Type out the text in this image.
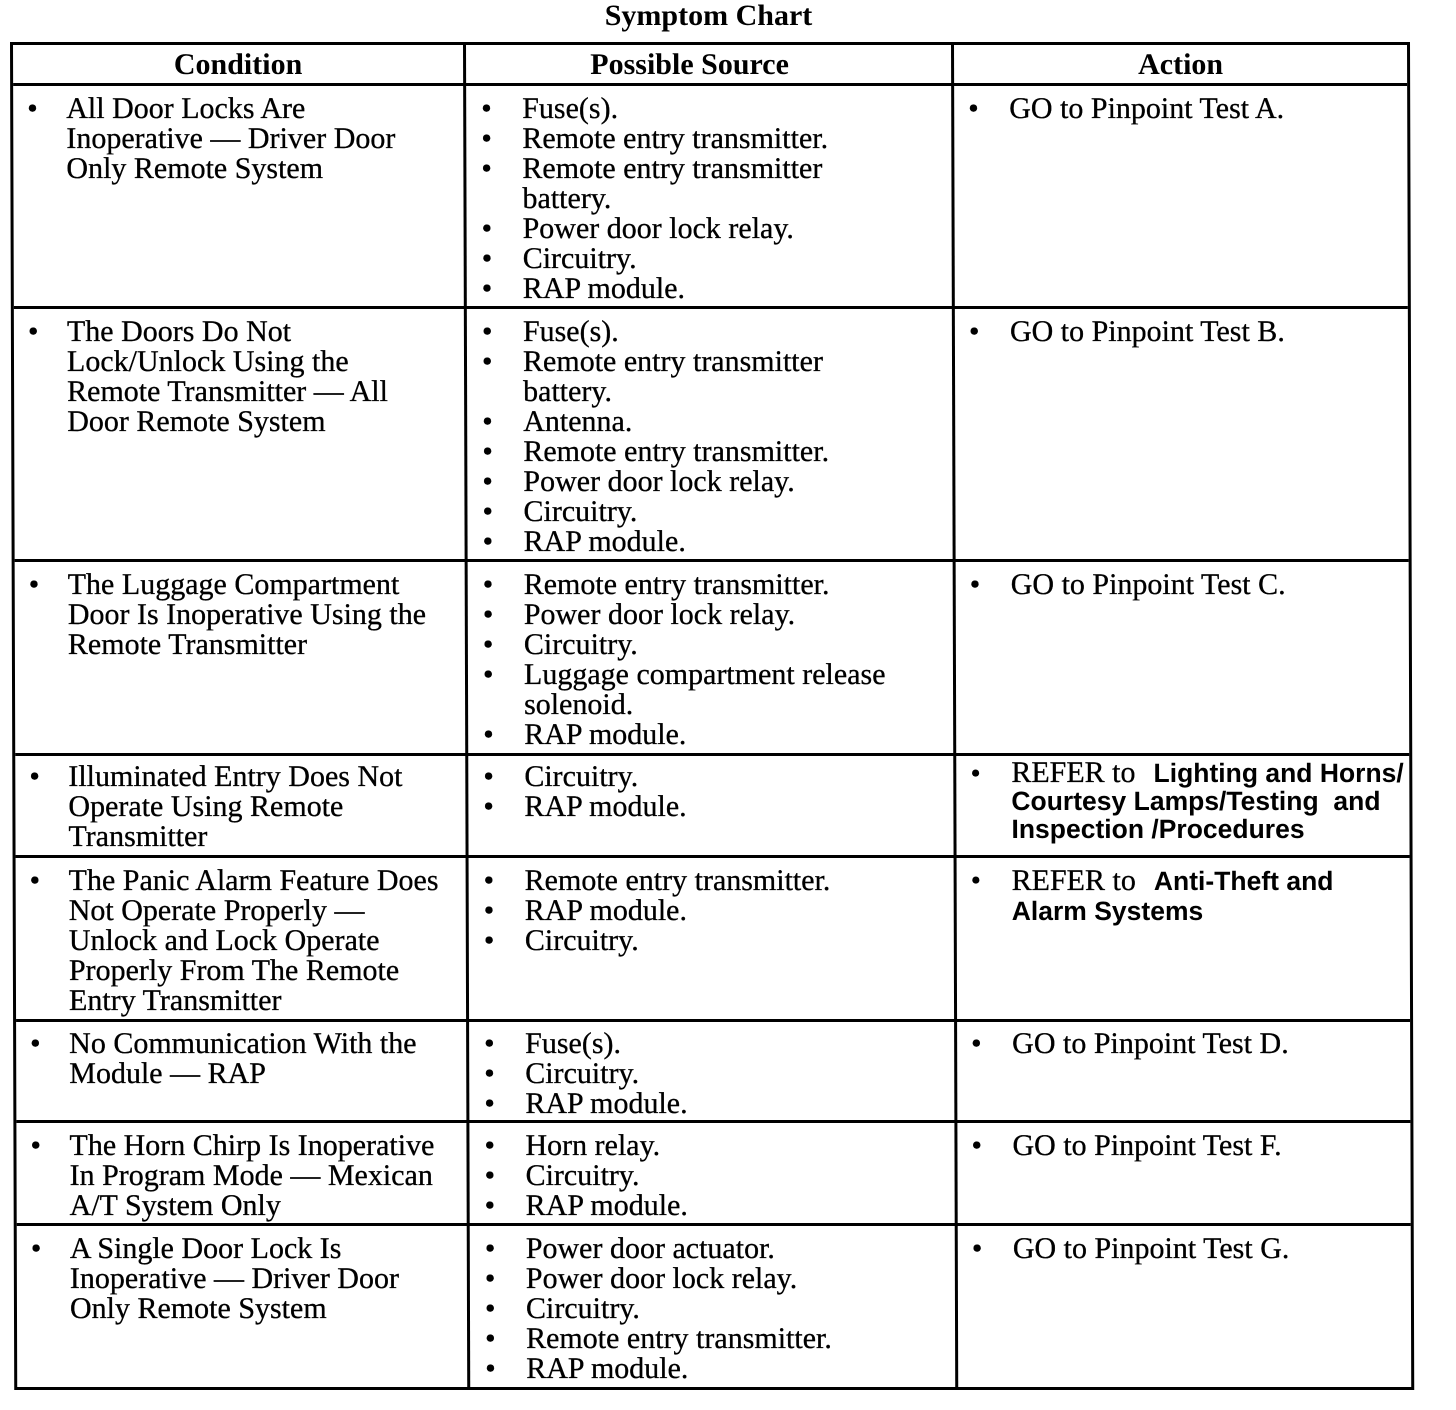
Symptom Chart
Condition	Possible Source	Action
• All Door Locks Are
Inoperative — Driver Door
Only Remote System
• Fuse(s).
• Remote entry transmitter.
• Remote entry transmitter
battery.
• Power door lock relay.
• Circuitry.
• RAP module.
• GO to Pinpoint Test A.
• The Doors Do Not
Lock/Unlock Using the
Remote Transmitter — All
Door Remote System
• Fuse(s).
• Remote entry transmitter
battery.
• Antenna.
• Remote entry transmitter.
• Power door lock relay.
• Circuitry.
• RAP module.
• GO to Pinpoint Test B.
• The Luggage Compartment
Door Is Inoperative Using the
Remote Transmitter
• Remote entry transmitter.
• Power door lock relay.
• Circuitry.
• Luggage compartment release
solenoid.
• RAP module.
• GO to Pinpoint Test C.
• Illuminated Entry Does Not
Operate Using Remote
Transmitter
• Circuitry.
• RAP module.
• REFER to Lighting and Horns/
Courtesy Lamps/Testing  and
Inspection /Procedures
• The Panic Alarm Feature Does
Not Operate Properly —
Unlock and Lock Operate
Properly From The Remote
Entry Transmitter
• Remote entry transmitter.
• RAP module.
• Circuitry.
• REFER to Anti-Theft and
Alarm Systems
• No Communication With the
Module — RAP
• Fuse(s).
• Circuitry.
• RAP module.
• GO to Pinpoint Test D.
• The Horn Chirp Is Inoperative
In Program Mode — Mexican
A/T System Only
• Horn relay.
• Circuitry.
• RAP module.
• GO to Pinpoint Test F.
• A Single Door Lock Is
Inoperative — Driver Door
Only Remote System
• Power door actuator.
• Power door lock relay.
• Circuitry.
• Remote entry transmitter.
• RAP module.
• GO to Pinpoint Test G.
